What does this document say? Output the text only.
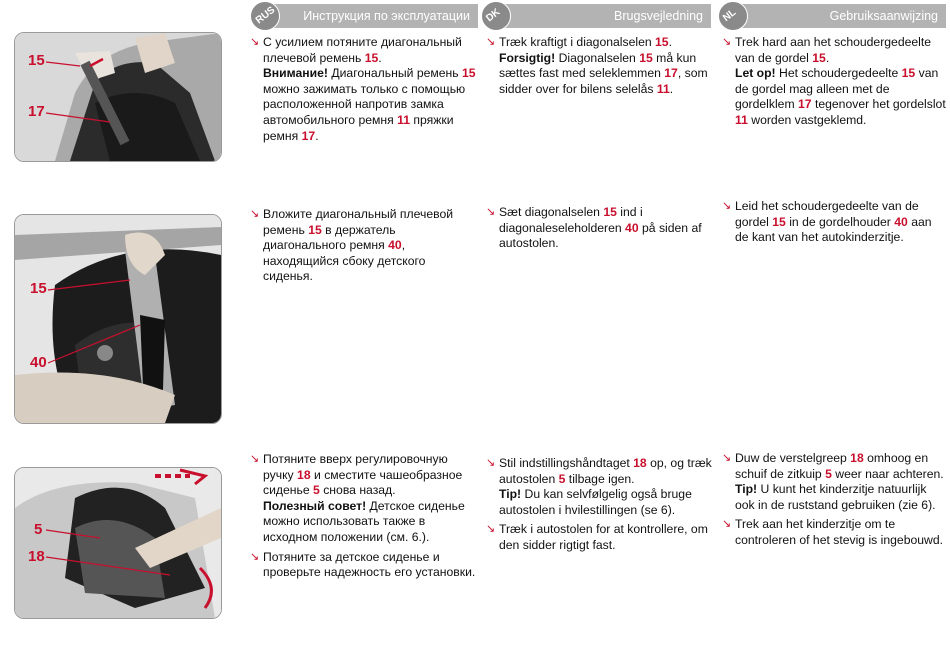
15
17
15
40
5
18
RUS Инструкция по эксплуатации DK	Brugsvejledning NL	Gebruiksaanwijzing
↘ С усилием потяните диагональный плечевой ремень 15.
Внимание! Диагональный ремень 15 можно зажимать только с помощью расположенной напротив замка автомобильного ремня 11 пряжки ремня 17.
↘ Вложите диагональный плечевой ремень 15 в держатель диагонального ремня 40, находящийся сбоку детского сиденья.
↘ Потяните вверх регулировочную ручку 18 и сместите чашеобразное сиденье 5 снова назад.
Полезный совет! Детское сиденье можно использовать также в исходном положении (см. 6.).
↘ Потяните за детское сиденье и проверьте надежность его установки.
↘ Træk kraftigt i diagonalselen 15.
Forsigtig! Diagonalselen 15 må kun sættes fast med seleklemmen 17, som sidder over for bilens selelås 11.
↘ Sæt diagonalselen 15 ind i diagonaleseleholderen 40 på siden af autostolen.
↘ Stil indstillingshåndtaget 18 op, og træk autostolen 5 tilbage igen.
Tip! Du kan selvfølgelig også bruge autostolen i hvilestillingen (se 6).
↘ Træk i autostolen for at kontrollere, om den sidder rigtigt fast.
↘ Trek hard aan het schoudergedeelte van de gordel 15.
Let op! Het schoudergedeelte 15 van de gordel mag alleen met de gordelklem 17 tegenover het gordelslot 11 worden vastgeklemd.
↘ Leid het schoudergedeelte van de gordel 15 in de gordelhouder 40 aan de kant van het autokinderzitje.
↘ Duw de verstelgreep 18 omhoog en schuif de zitkuip 5 weer naar achteren.
Tip! U kunt het kinderzitje natuurlijk ook in de ruststand gebruiken (zie 6).
↘ Trek aan het kinderzitje om te controleren of het stevig is ingebouwd.
